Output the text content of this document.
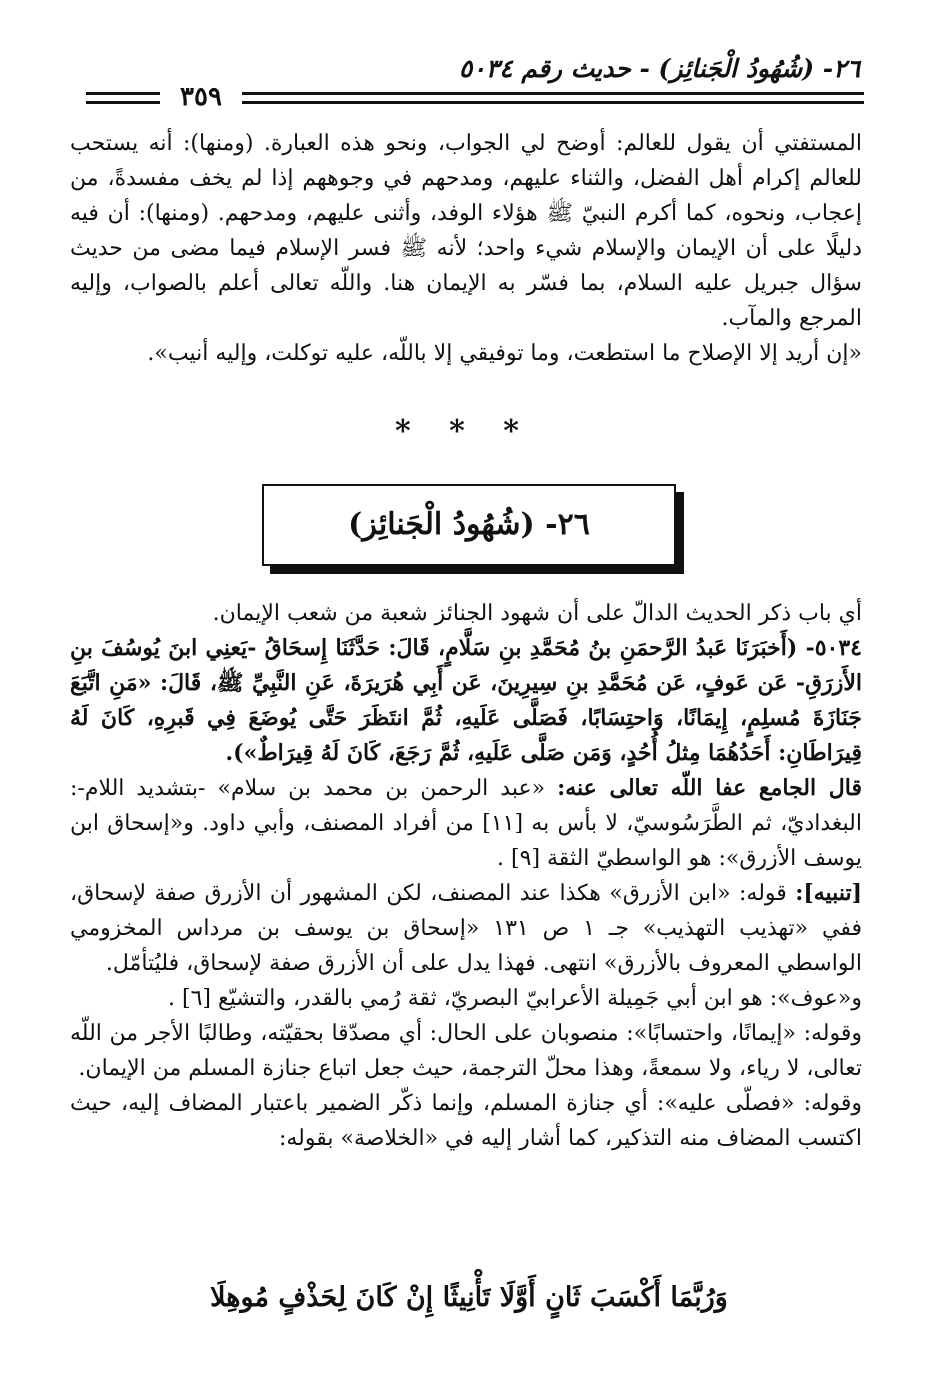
٢٦- (شُهُودُ الْجَنائِز) - حديث رقم ٥٠٣٤
٣٥٩

المستفتي أن يقول للعالم: أوضح لي الجواب، ونحو هذه العبارة. (ومنها): أنه يستحب للعالم إكرام أهل الفضل، والثناء عليهم، ومدحهم في وجوههم إذا لم يخف مفسدةً، من إعجاب، ونحوه، كما أكرم النبيّ ﷺ هؤلاء الوفد، وأثنى عليهم، ومدحهم. (ومنها): أن فيه دليلًا على أن الإيمان والإسلام شيء واحد؛ لأنه ﷺ فسر الإسلام فيما مضى من حديث سؤال جبريل عليه السلام، بما فسّر به الإيمان هنا. واللّه تعالى أعلم بالصواب، وإليه المرجع والمآب.

«إن أريد إلا الإصلاح ما استطعت، وما توفيقي إلا باللّه، عليه توكلت، وإليه أنيب».

* * *
٢٦- (شُهُودُ الْجَنائِز)

أي باب ذكر الحديث الدالّ على أن شهود الجنائز شعبة من شعب الإيمان.

٥٠٣٤- (أَخبَرَنَا عَبدُ الرَّحمَنِ بنُ مُحَمَّدِ بنِ سَلَّامٍ، قَالَ: حَدَّثَنَا إِسحَاقُ -يَعنِي ابنَ يُوسُفَ بنِ الأَزرَقِ- عَن عَوفٍ، عَن مُحَمَّدِ بنِ سِيرِينَ، عَن أَبِي هُرَيرَةَ، عَنِ النَّبِيِّ ﷺ، قَالَ: «مَنِ اتَّبَعَ جَنَازَةَ مُسلِمٍ، إِيمَانًا، وَاحتِسَابًا، فَصَلَّى عَلَيهِ، ثُمَّ انتَظَرَ حَتَّى يُوضَعَ فِي قَبرِهِ، كَانَ لَهُ قِيرَاطَانِ: أَحَدُهُمَا مِثلُ أُحُدٍ، وَمَن صَلَّى عَلَيهِ، ثُمَّ رَجَعَ، كَانَ لَهُ قِيرَاطٌ»).

قال الجامع عفا اللّه تعالى عنه: «عبد الرحمن بن محمد بن سلام» -بتشديد اللام-: البغداديّ، ثم الطَّرَسُوسيّ، لا بأس به [١١] من أفراد المصنف، وأبي داود. و«إسحاق ابن يوسف الأزرق»: هو الواسطيّ الثقة [٩] .

[تنبيه]: قوله: «ابن الأزرق» هكذا عند المصنف، لكن المشهور أن الأزرق صفة لإسحاق، ففي «تهذيب التهذيب» جـ ١ ص ١٣١ «إسحاق بن يوسف بن مرداس المخزومي الواسطي المعروف بالأزرق» انتهى. فهذا يدل على أن الأزرق صفة لإسحاق، فليُتأمّل.

و«عوف»: هو ابن أبي جَمِيلة الأعرابيّ البصريّ، ثقة رُمي بالقدر، والتشيّع [٦] .

وقوله: «إيمانًا، واحتسابًا»: منصوبان على الحال: أي مصدّقا بحقيّته، وطالبًا الأجر من اللّه تعالى، لا رياء، ولا سمعةً، وهذا محلّ الترجمة، حيث جعل اتباع جنازة المسلم من الإيمان.

وقوله: «فصلّى عليه»: أي جنازة المسلم، وإنما ذكّر الضمير باعتبار المضاف إليه، حيث اكتسب المضاف منه التذكير، كما أشار إليه في «الخلاصة» بقوله:

وَرُبَّمَا أَكْسَبَ ثَانٍ أَوَّلَا تَأْنِيثًا إِنْ كَانَ لِحَذْفٍ مُوهِلَا
